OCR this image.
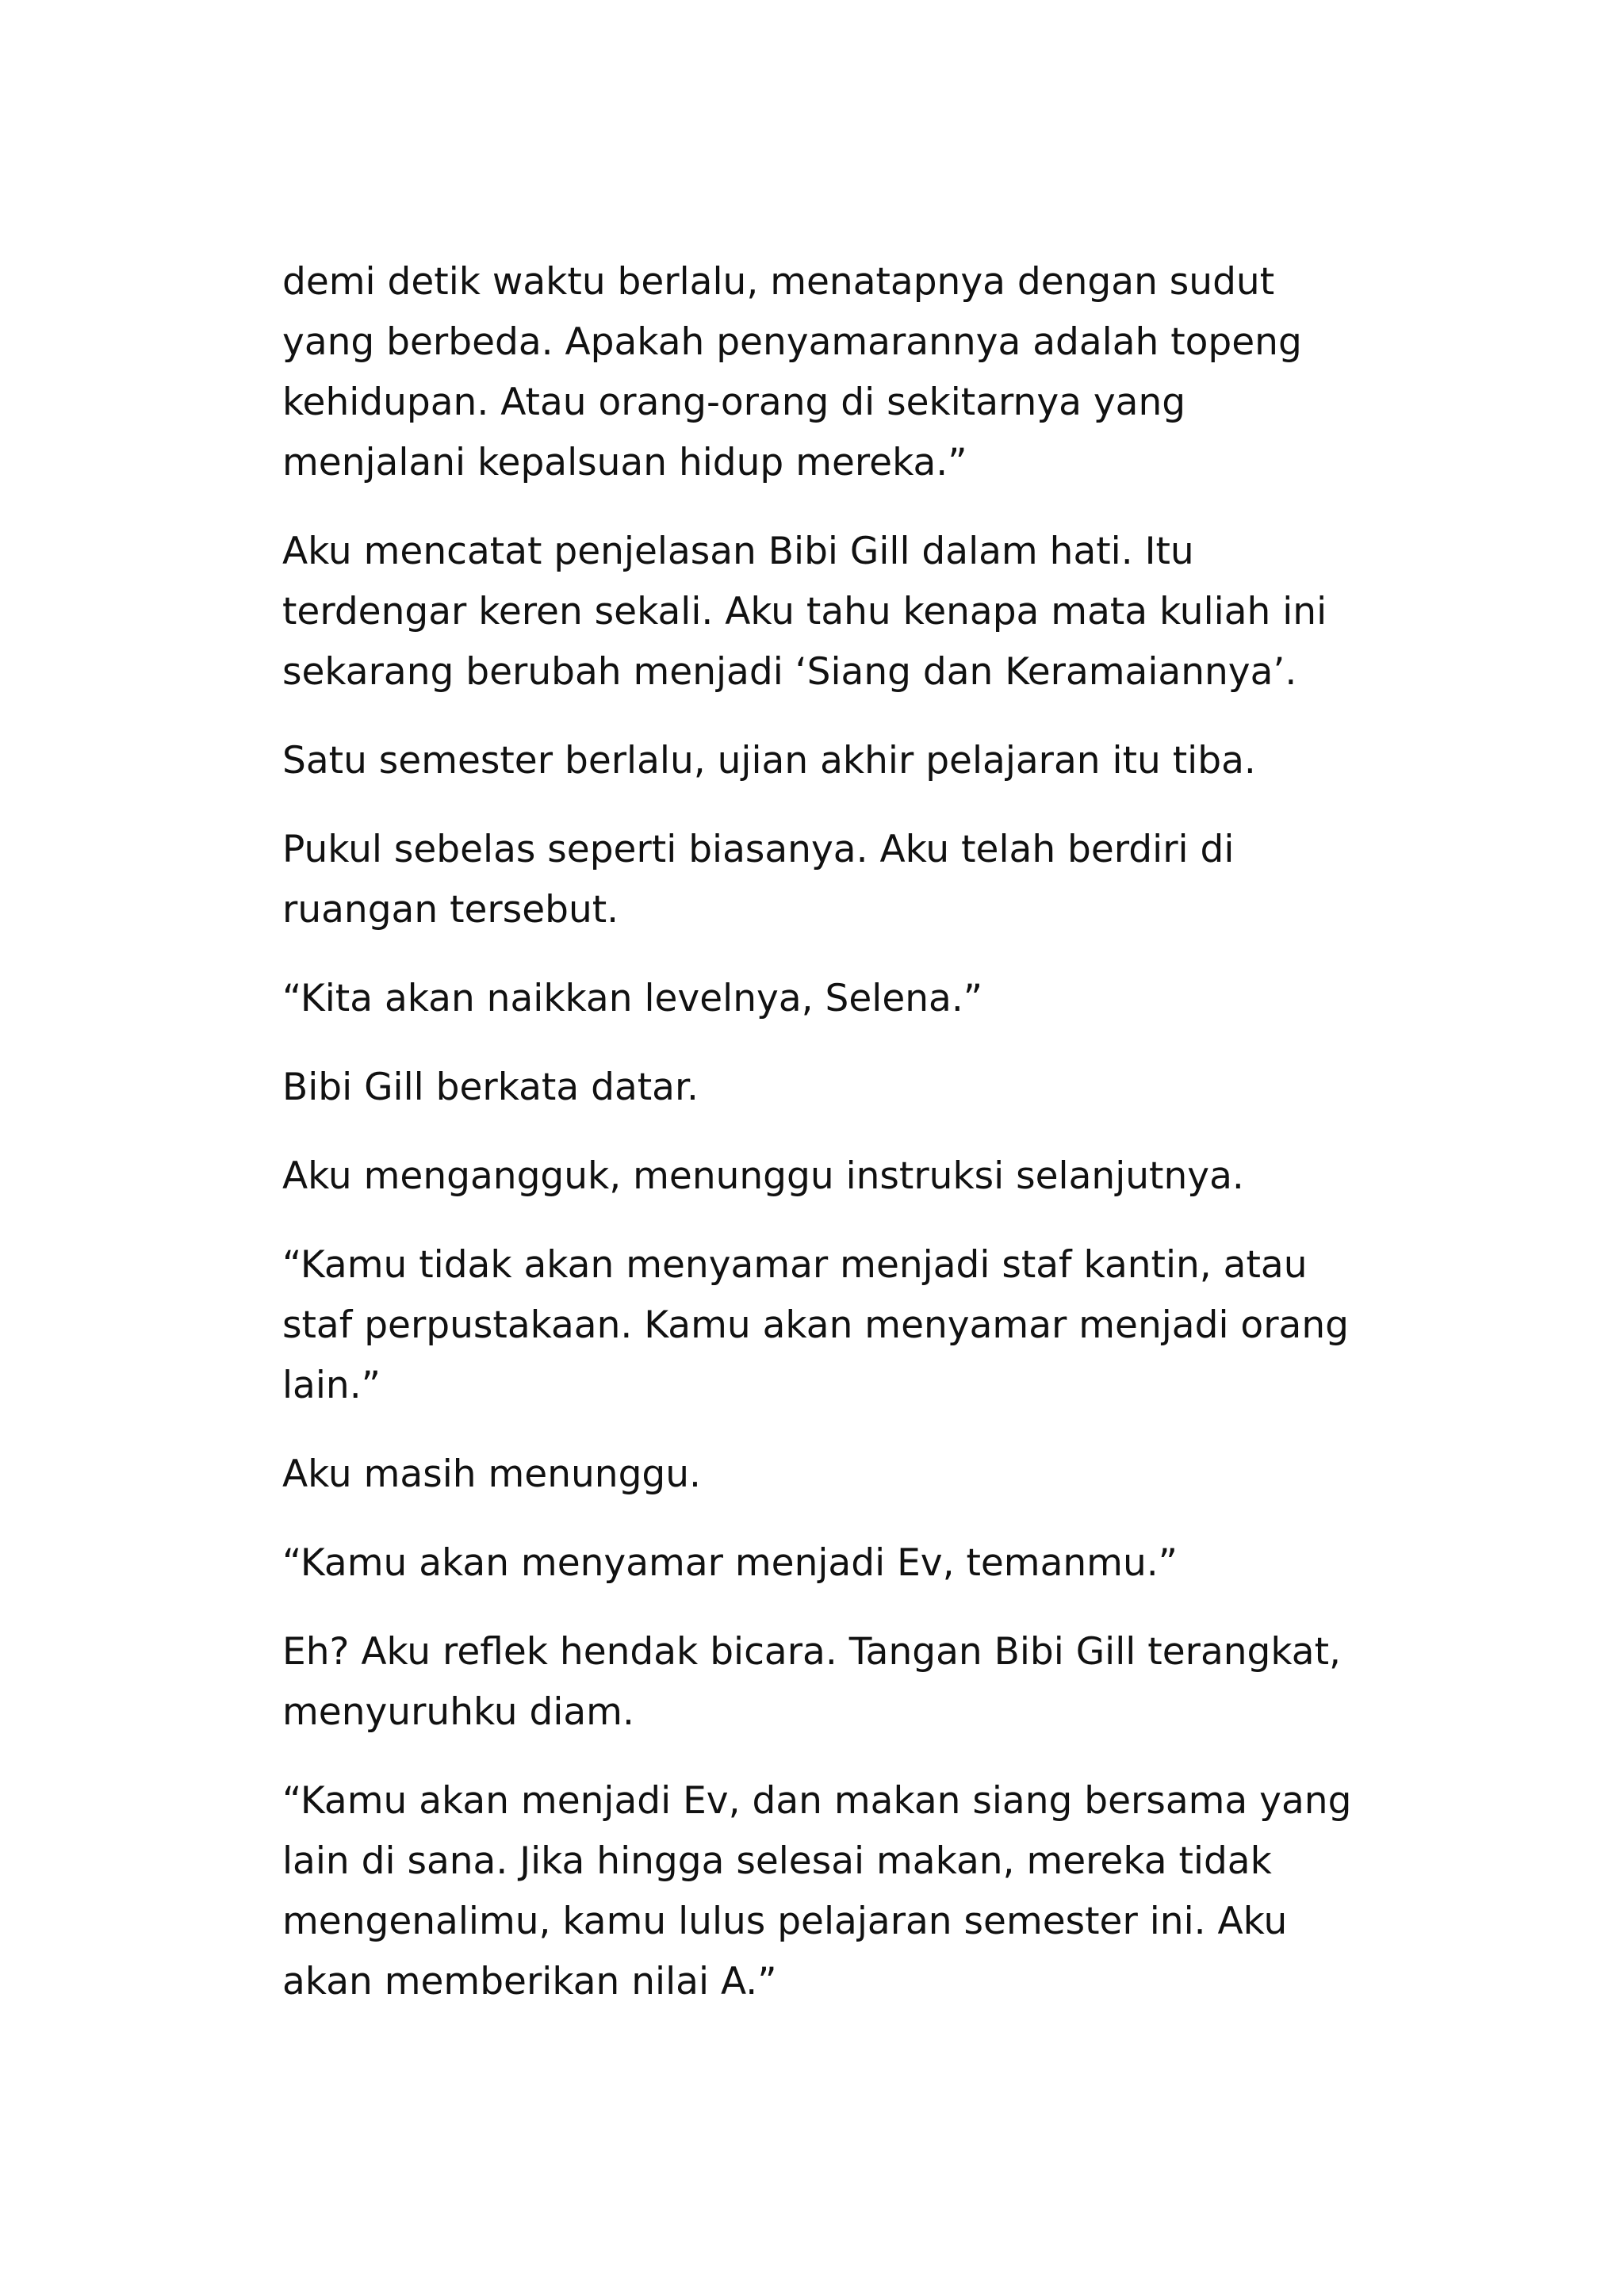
demi detik waktu berlalu, menatapnya dengan sudut
yang berbeda. Apakah penyamarannya adalah topeng
kehidupan. Atau orang-orang di sekitarnya yang
menjalani kepalsuan hidup mereka.”

Aku mencatat penjelasan Bibi Gill dalam hati. Itu
terdengar keren sekali. Aku tahu kenapa mata kuliah ini
sekarang berubah menjadi ‘Siang dan Keramaiannya’.

Satu semester berlalu, ujian akhir pelajaran itu tiba.

Pukul sebelas seperti biasanya. Aku telah berdiri di
ruangan tersebut.

“Kita akan naikkan levelnya, Selena.”

Bibi Gill berkata datar.

Aku mengangguk, menunggu instruksi selanjutnya.

“Kamu tidak akan menyamar menjadi staf kantin, atau
staf perpustakaan. Kamu akan menyamar menjadi orang
lain.”

Aku masih menunggu.

“Kamu akan menyamar menjadi Ev, temanmu.”

Eh? Aku reflek hendak bicara. Tangan Bibi Gill terangkat,
menyuruhku diam.

“Kamu akan menjadi Ev, dan makan siang bersama yang
lain di sana. Jika hingga selesai makan, mereka tidak
mengenalimu, kamu lulus pelajaran semester ini. Aku
akan memberikan nilai A.”
